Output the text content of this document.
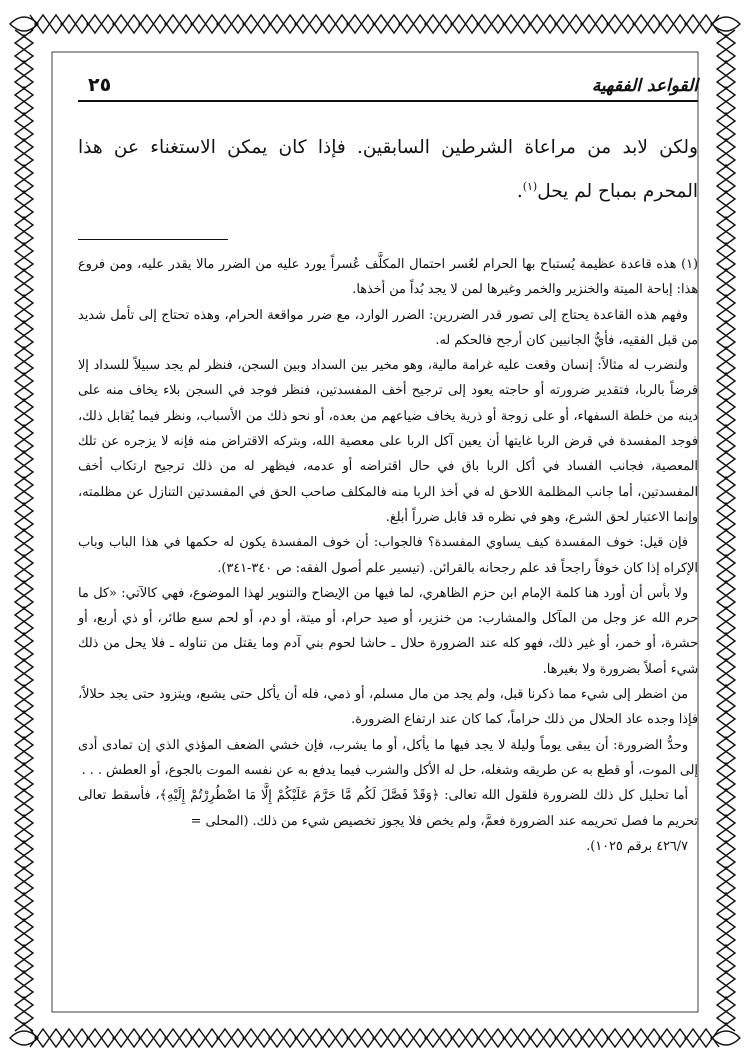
القواعد الفقهية
٢٥
ولكن لابد من مراعاة الشرطين السابقين. فإذا كان يمكن الاستغناء عن هذا المحرم بمباح لم يحل$^{(١)}$.

(١) هذه قاعدة عظيمة يُستباح بها الحرام لعُسر احتمال المكلَّف عُسراً يورد عليه من الضرر مالا يقدر عليه، ومن فروع هذا: إباحة الميتة والخنزير والخمر وغيرها لمن لا يجد بُداً من أخذها.

وفهم هذه القاعدة يحتاج إلى تصور قدر الضررين: الضرر الوارد، مع ضرر مواقعة الحرام، وهذه تحتاج إلى تأمل شديد من قبل الفقيه، فأيُّ الجانبين كان أرجح فالحكم له.

ولنضرب له مثالاً: إنسان وقعت عليه غرامة مالية، وهو مخير بين السداد وبين السجن، فنظر لم يجد سبيلاً للسداد إلا قرضاً بالربا، فتقدير ضرورته أو حاجته يعود إلى ترجيح أخف المفسدتين، فنظر فوجد في السجن بلاء يخاف منه على دينه من خلطة السفهاء، أو على زوجة أو ذرية يخاف ضياعهم من بعده، أو نحو ذلك من الأسباب، ونظر فيما يُقابل ذلك، فوجد المفسدة في قرض الربا غايتها أن يعين آكل الربا على معصية الله، وبتركه الاقتراض منه فإنه لا يزجره عن تلك المعصية، فجانب الفساد في أكل الربا باق في حال اقتراضه أو عدمه، فيظهر له من ذلك ترجيح ارتكاب أخف المفسدتين، أما جانب المظلمة اللاحق له في أخذ الربا منه فالمكلف صاحب الحق في المفسدتين التنازل عن مظلمته، وإنما الاعتبار لحق الشرع، وهو في نظره قد قابل ضرراً أبلغ.

فإن قيل: خوف المفسدة كيف يساوي المفسدة؟ فالجواب: أن خوف المفسدة يكون له حكمها في هذا الباب وباب الإكراه إذا كان خوفاً راجحاً قد علم رجحانه بالقرائن. (تيسير علم أصول الفقه: ص ٣٤٠-٣٤١).

ولا بأس أن أورد هنا كلمة الإمام ابن حزم الظاهري، لما فيها من الإيضاح والتنوير لهذا الموضوع، فهي كالآتي: «كل ما حرم الله عز وجل من المآكل والمشارب: من خنزير، أو صيد حرام، أو ميتة، أو دم، أو لحم سبع طائر، أو ذي أربع، أو حشرة، أو خمر، أو غير ذلك، فهو كله عند الضرورة حلال ـ حاشا لحوم بني آدم وما يقتل من تناوله ـ فلا يحل من ذلك شيء أصلاً بضرورة ولا بغيرها.

من اضطر إلى شيء مما ذكرنا قبل، ولم يجد من مال مسلم، أو ذمي، فله أن يأكل حتى يشبع، ويتزود حتى يجد حلالاً، فإذا وجده عاد الحلال من ذلك حراماً، كما كان عند ارتفاع الضرورة.

وحدُّ الضرورة: أن يبقى يوماً وليلة لا يجد فيها ما يأكل، أو ما يشرب، فإن خشي الضعف المؤذي الذي إن تمادى أدى إلى الموت، أو قطع به عن طريقه وشغله، حل له الأكل والشرب فيما يدفع به عن نفسه الموت بالجوع، أو العطش . . .

أما تحليل كل ذلك للضرورة فلقول الله تعالى: ﴿وَقَدْ فَصَّلَ لَكُم مَّا حَرَّمَ عَلَيْكُمْ إِلَّا مَا اضْطُرِرْتُمْ إِلَيْهِ﴾، فأسقط تعالى تحريم ما فصل تحريمه عند الضرورة فعمَّ، ولم يخص فلا يجوز تخصيص شيء من ذلك. (المحلى =

٤٢٦/٧ برقم ١٠٢٥).
